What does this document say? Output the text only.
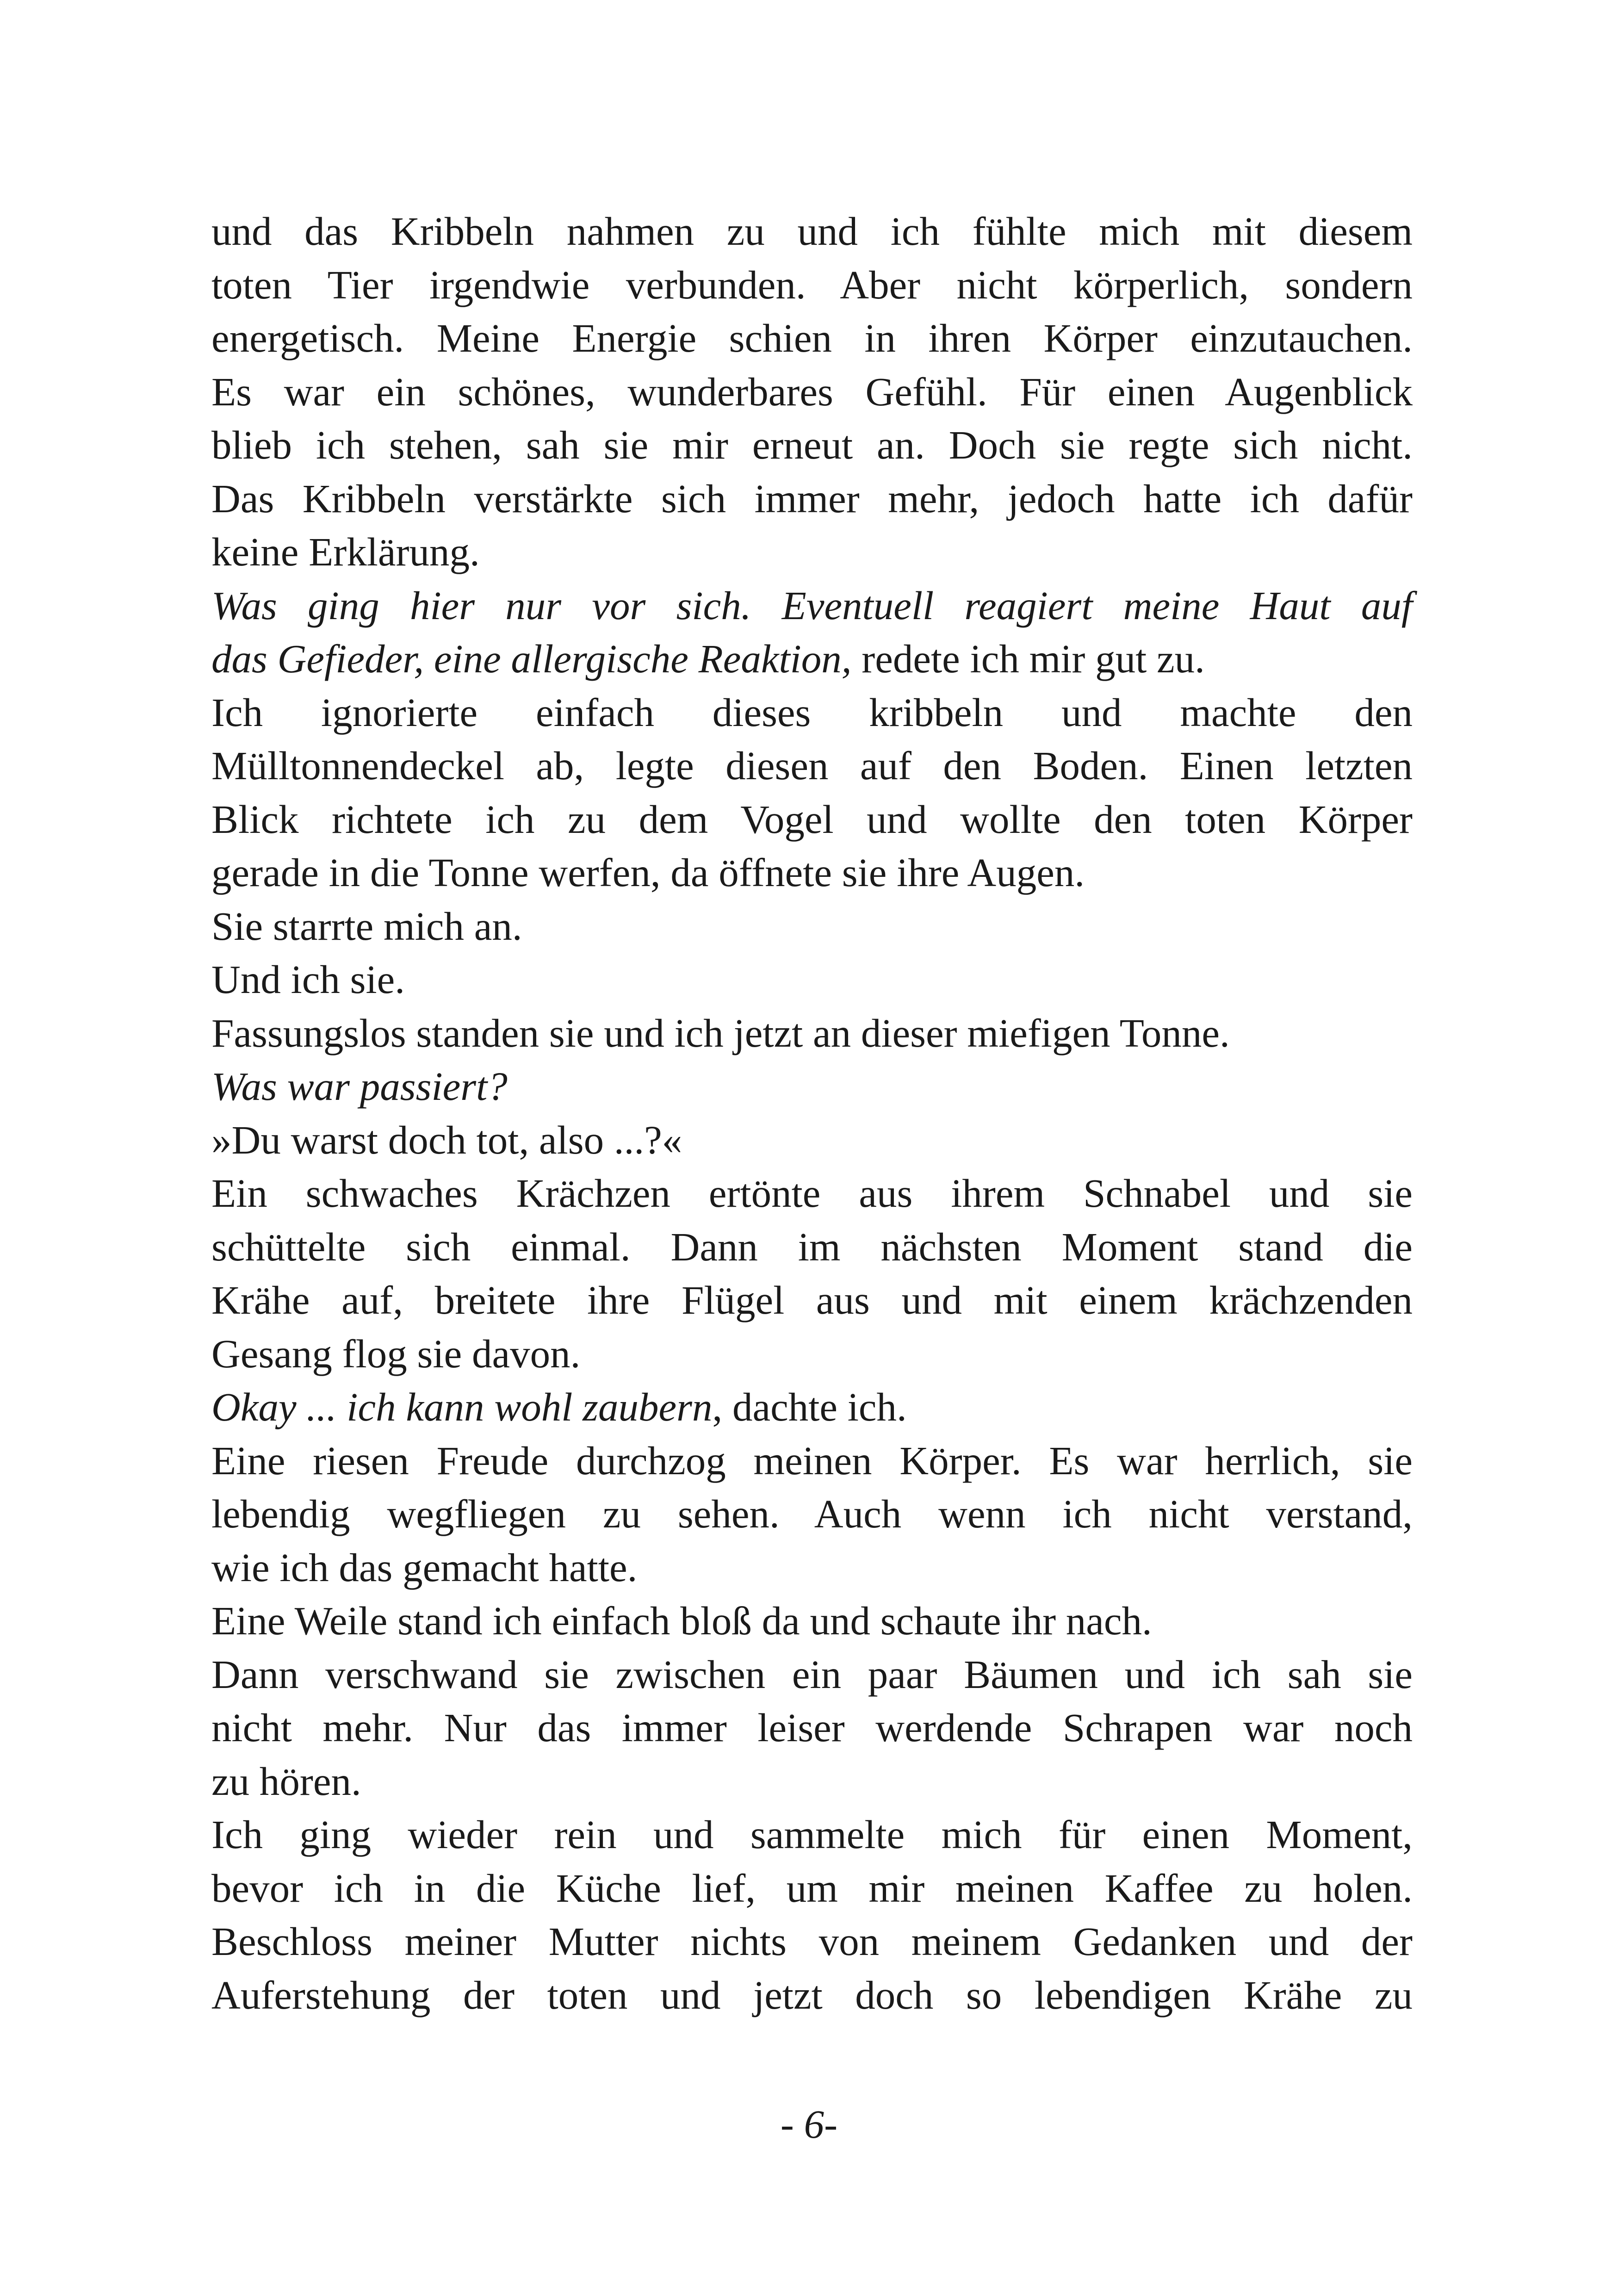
und das Kribbeln nahmen zu und ich fühlte mich mit diesem
toten Tier irgendwie verbunden. Aber nicht körperlich, sondern
energetisch. Meine Energie schien in ihren Körper einzutauchen.
Es war ein schönes, wunderbares Gefühl. Für einen Augenblick
blieb ich stehen, sah sie mir erneut an. Doch sie regte sich nicht.
Das Kribbeln verstärkte sich immer mehr, jedoch hatte ich dafür
keine Erklärung.
Was ging hier nur vor sich. Eventuell reagiert meine Haut auf
das Gefieder, eine allergische Reaktion, redete ich mir gut zu.
Ich ignorierte einfach dieses kribbeln und machte den
Mülltonnendeckel ab, legte diesen auf den Boden. Einen letzten
Blick richtete ich zu dem Vogel und wollte den toten Körper
gerade in die Tonne werfen, da öffnete sie ihre Augen.
Sie starrte mich an.
Und ich sie.
Fassungslos standen sie und ich jetzt an dieser miefigen Tonne.
Was war passiert?
»Du warst doch tot, also ...?«
Ein schwaches Krächzen ertönte aus ihrem Schnabel und sie
schüttelte sich einmal. Dann im nächsten Moment stand die
Krähe auf, breitete ihre Flügel aus und mit einem krächzenden
Gesang flog sie davon.
Okay ... ich kann wohl zaubern, dachte ich.
Eine riesen Freude durchzog meinen Körper. Es war herrlich, sie
lebendig wegfliegen zu sehen. Auch wenn ich nicht verstand,
wie ich das gemacht hatte.
Eine Weile stand ich einfach bloß da und schaute ihr nach.
Dann verschwand sie zwischen ein paar Bäumen und ich sah sie
nicht mehr. Nur das immer leiser werdende Schrapen war noch
zu hören.
Ich ging wieder rein und sammelte mich für einen Moment,
bevor ich in die Küche lief, um mir meinen Kaffee zu holen.
Beschloss meiner Mutter nichts von meinem Gedanken und der
Auferstehung der toten und jetzt doch so lebendigen Krähe zu
- 6-
